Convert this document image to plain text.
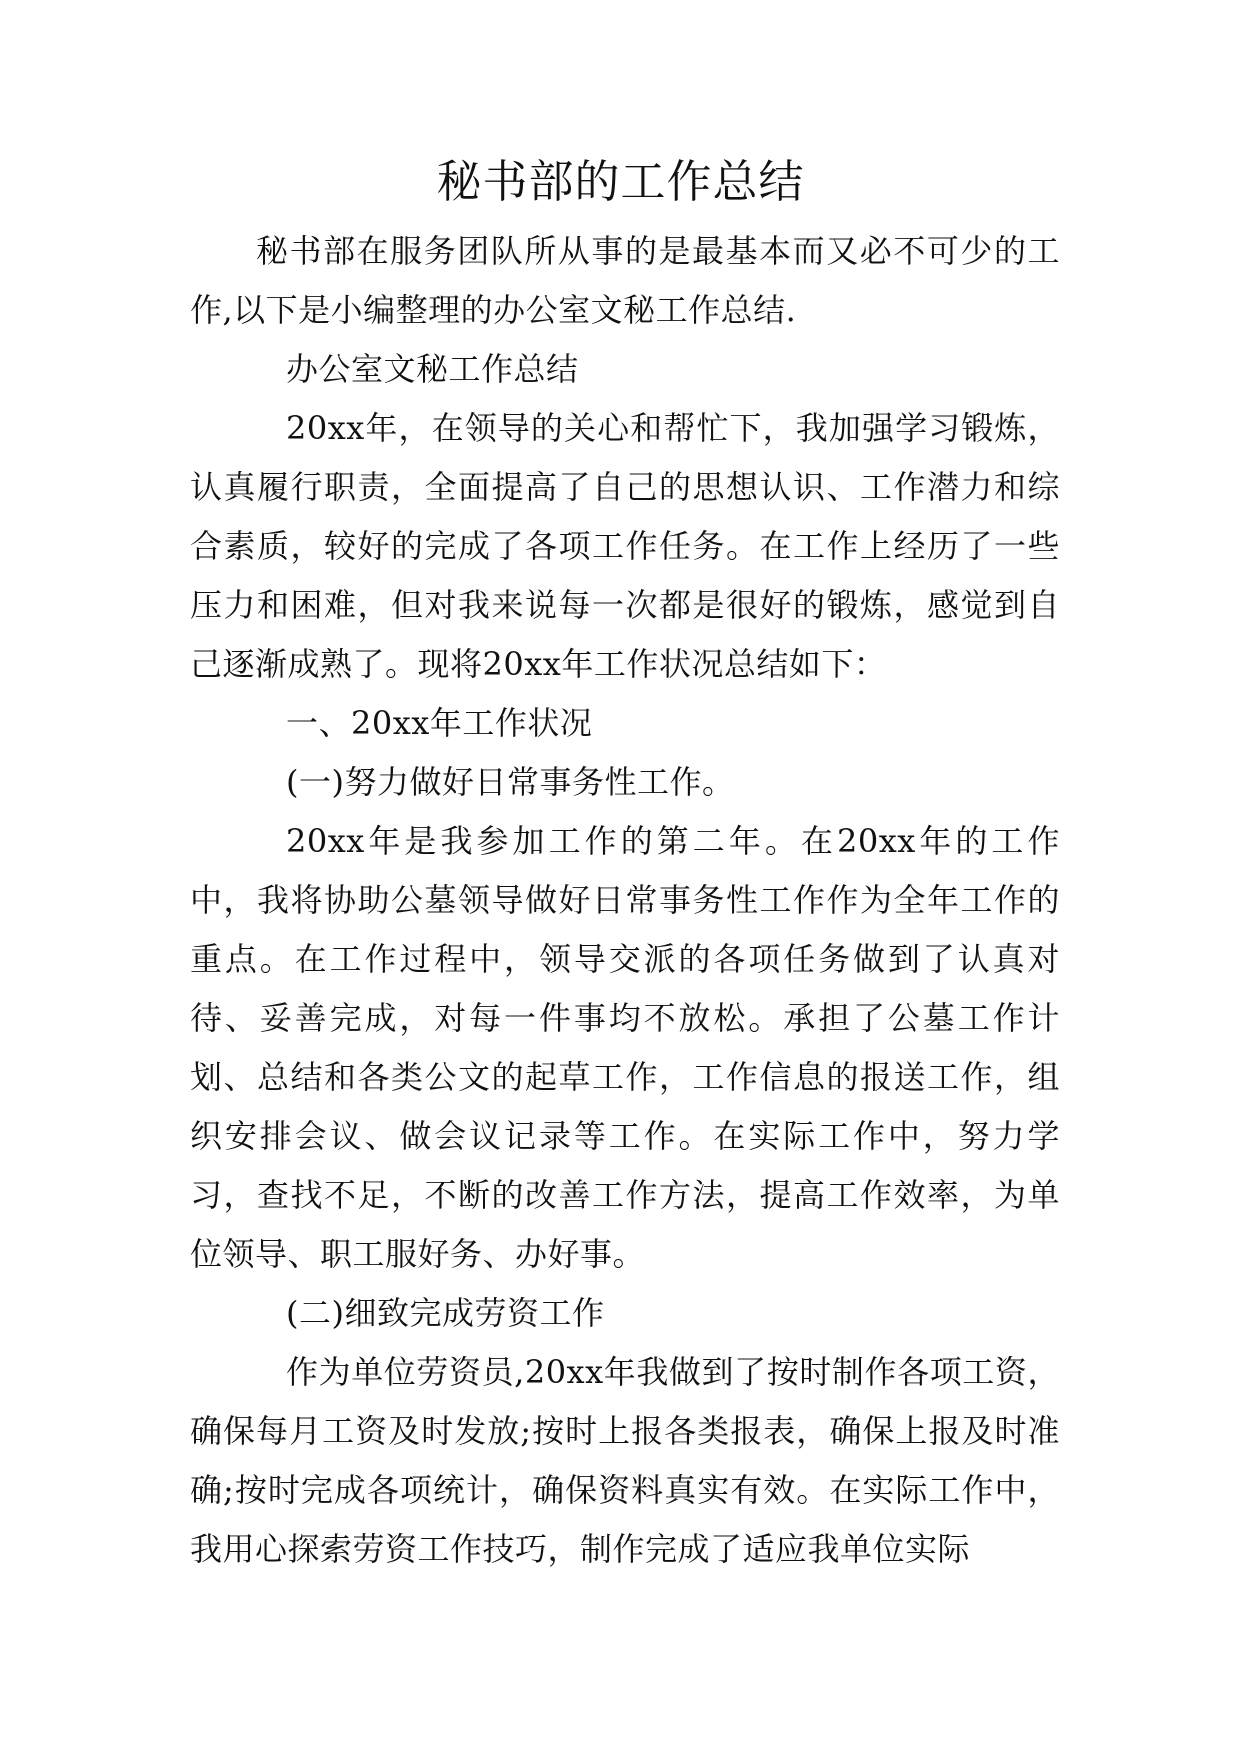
秘书部的工作总结

秘书部在服务团队所从事的是最基本而又必不可少的工作,以下是小编整理的办公室文秘工作总结.

办公室文秘工作总结

20xx年，在领导的关心和帮忙下，我加强学习锻炼，认真履行职责，全面提高了自己的思想认识、工作潜力和综合素质，较好的完成了各项工作任务。在工作上经历了一些压力和困难，但对我来说每一次都是很好的锻炼，感觉到自己逐渐成熟了。现将20xx年工作状况总结如下：

一、20xx年工作状况

(一)努力做好日常事务性工作。

20xx年是我参加工作的第二年。在20xx年的工作中，我将协助公墓领导做好日常事务性工作作为全年工作的重点。在工作过程中，领导交派的各项任务做到了认真对待、妥善完成，对每一件事均不放松。承担了公墓工作计划、总结和各类公文的起草工作，工作信息的报送工作，组织安排会议、做会议记录等工作。在实际工作中，努力学习，查找不足，不断的改善工作方法，提高工作效率，为单位领导、职工服好务、办好事。

(二)细致完成劳资工作

作为单位劳资员,20xx年我做到了按时制作各项工资，确保每月工资及时发放;按时上报各类报表，确保上报及时准确;按时完成各项统计，确保资料真实有效。在实际工作中，我用心探索劳资工作技巧，制作完成了适应我单位实际
